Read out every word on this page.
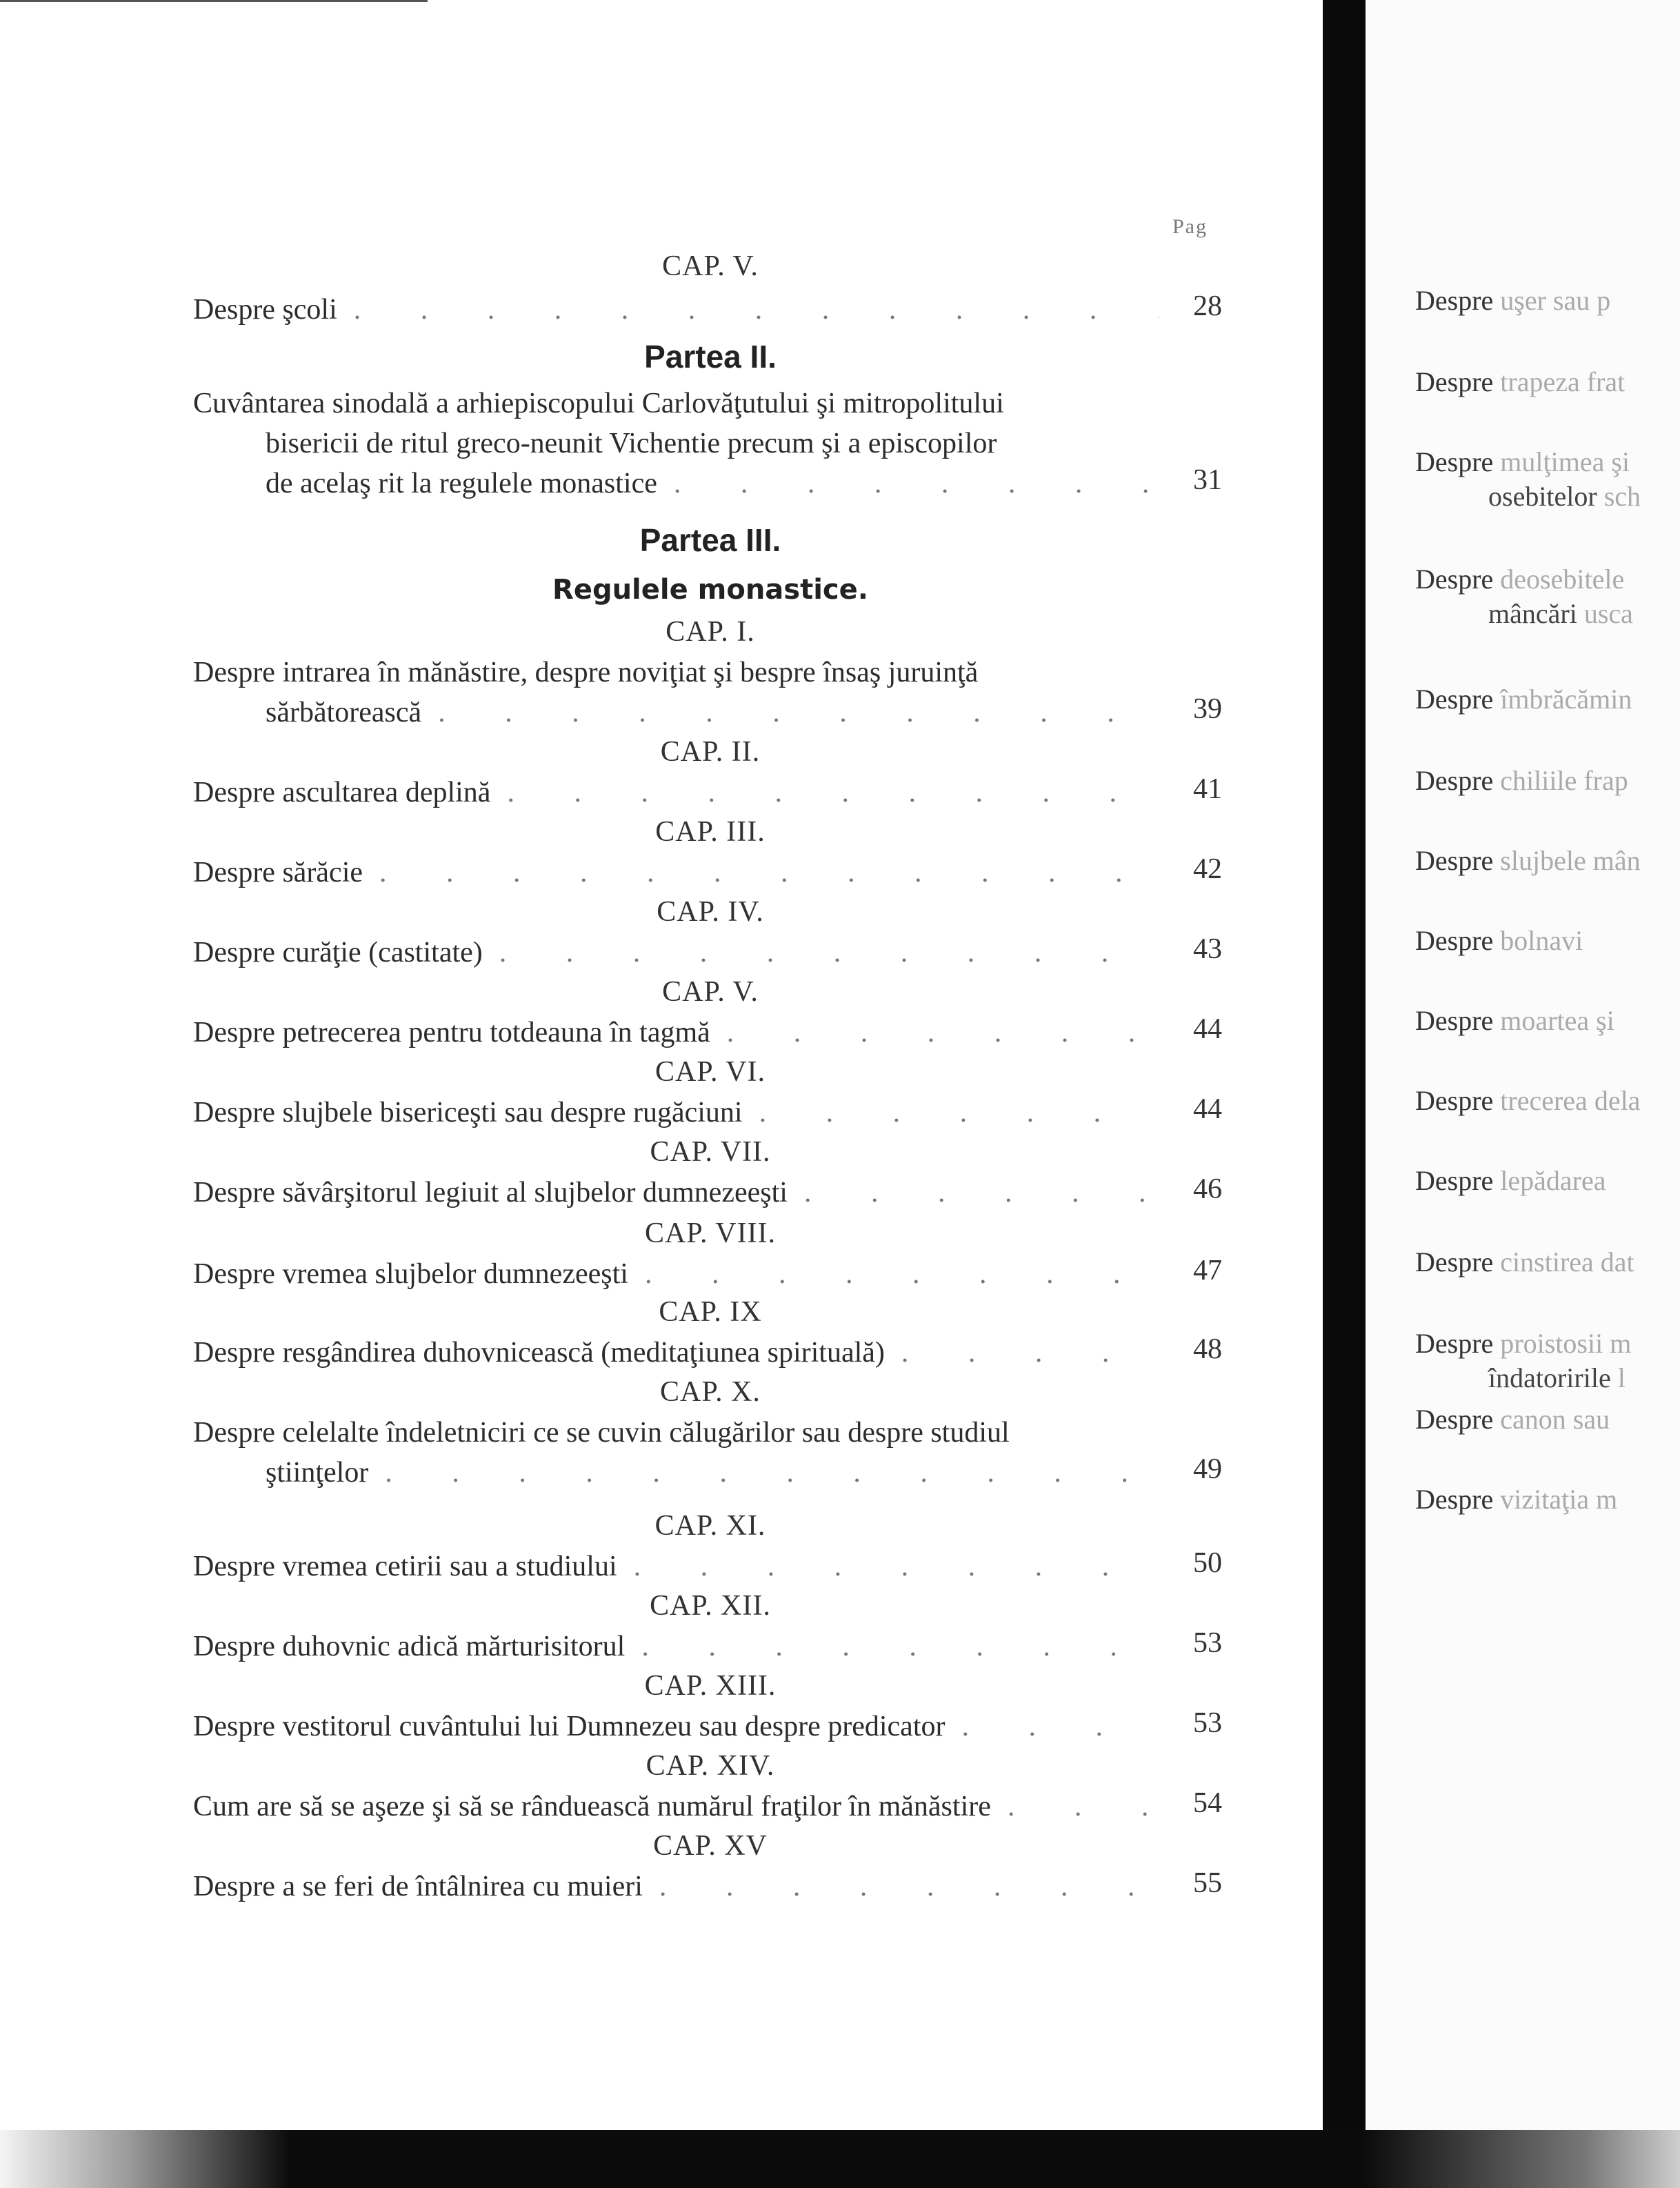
Pag
CAP. V.
Despre şcoli . . .	28
Partea II.
Cuvântarea sinodală a arhiepiscopului Carlovăţutului şi mitropolitului
bisericii de ritul greco-neunit Vichentie precum şi a episcopilor
de acelaş rit la regulele monastice . . .	31
Partea III.
Regulele monastice.
CAP. I.
Despre intrarea în mănăstire, despre noviţiat şi bespre însaş juruinţă
sărbătorească . . .	39
CAP. II.
Despre ascultarea deplină . . .	41
CAP. III.
Despre sărăcie . . .	42
CAP. IV.
Despre curăţie (castitate) . . .	43
CAP. V.
Despre petrecerea pentru totdeauna în tagmă . . .	44
CAP. VI.
Despre slujbele bisericeşti sau despre rugăciuni . . .	44
CAP. VII.
Despre săvârşitorul legiuit al slujbelor dumnezeeşti . . .	46
CAP. VIII.
Despre vremea slujbelor dumnezeeşti . . .	47
CAP. IX
Despre resgândirea duhovnicească (meditaţiunea spirituală) . . .	48
CAP. X.
Despre celelalte îndeletniciri ce se cuvin călugărilor sau despre studiul
ştiinţelor . . .	49
CAP. XI.
Despre vremea cetirii sau a studiului . . .	50
CAP. XII.
Despre duhovnic adică mărturisitorul . . .	53
CAP. XIII.
Despre vestitorul cuvântului lui Dumnezeu sau despre predicator . . .	53
CAP. XIV.
Cum are să se aşeze şi să se rânduească numărul fraţilor în mănăstire . . .	54
CAP. XV
Despre a se feri de întâlnirea cu muieri . . .	55
Despre uşer sau p
Despre trapeza frat
Despre mulţimea şi
osebitelor sch
Despre deosebitele
mâncări usca
Despre îmbrăcămin
Despre chiliile frap
Despre slujbele mân
Despre bolnavi
Despre moartea şi
Despre trecerea dela
Despre lepădarea
Despre cinstirea dat
Despre proistosii m
îndatoririle l
Despre canon sau
Despre vizitaţia m
